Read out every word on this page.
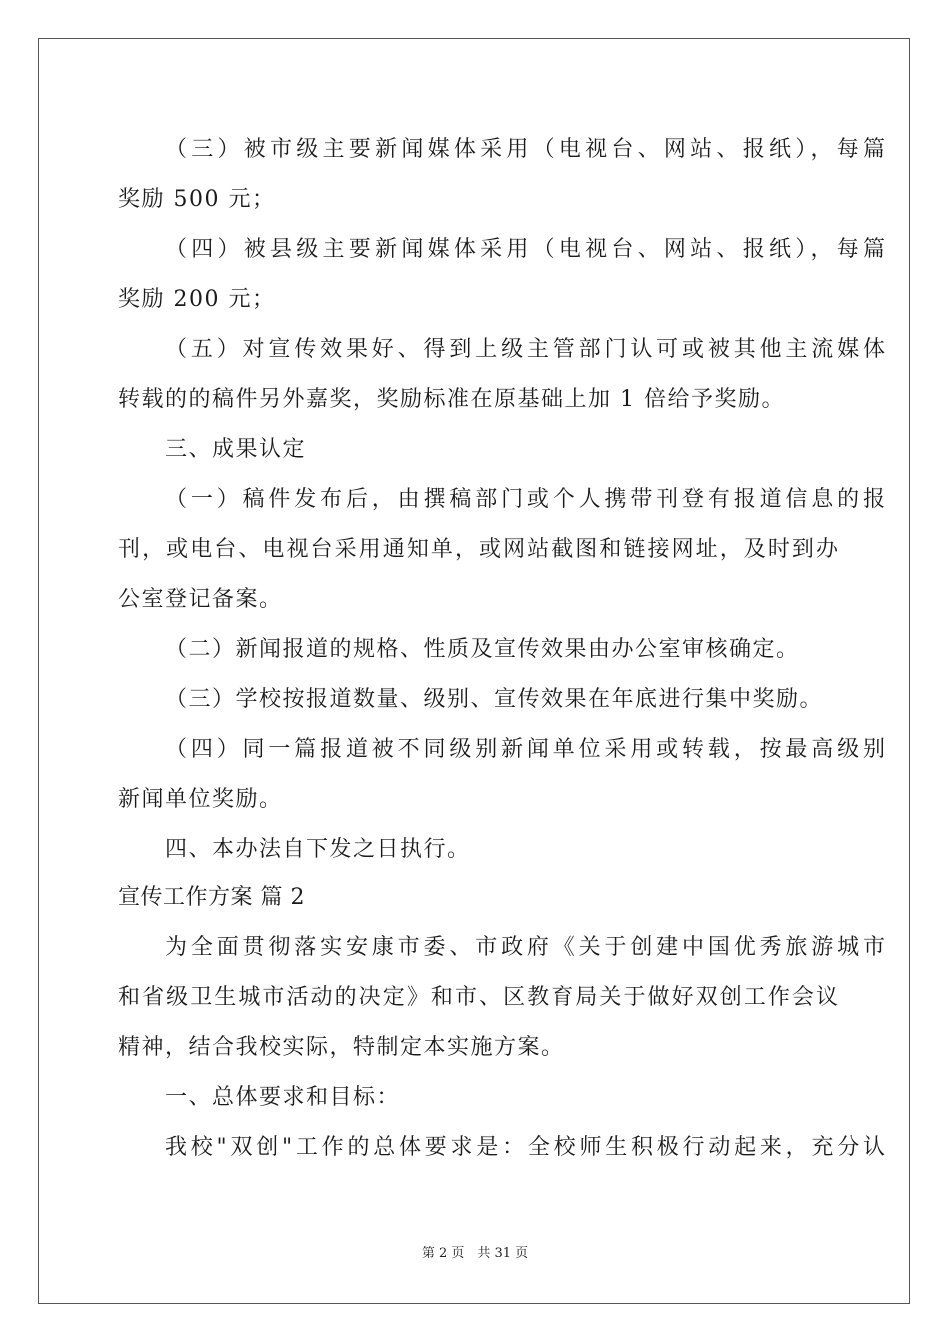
（三）被市级主要新闻媒体采用（电视台、网站、报纸），每篇
奖励 500 元；
（四）被县级主要新闻媒体采用（电视台、网站、报纸），每篇
奖励 200 元；
（五）对宣传效果好、得到上级主管部门认可或被其他主流媒体
转载的的稿件另外嘉奖，奖励标准在原基础上加 1 倍给予奖励。
三、成果认定
（一）稿件发布后，由撰稿部门或个人携带刊登有报道信息的报
刊，或电台、电视台采用通知单，或网站截图和链接网址，及时到办
公室登记备案。
（二）新闻报道的规格、性质及宣传效果由办公室审核确定。
（三）学校按报道数量、级别、宣传效果在年底进行集中奖励。
（四）同一篇报道被不同级别新闻单位采用或转载，按最高级别
新闻单位奖励。
四、本办法自下发之日执行。
宣传工作方案 篇 2
为全面贯彻落实安康市委、市政府《关于创建中国优秀旅游城市
和省级卫生城市活动的决定》和市、区教育局关于做好双创工作会议
精神，结合我校实际，特制定本实施方案。
一、总体要求和目标：
我校"双创"工作的总体要求是：全校师生积极行动起来，充分认
第 2 页　共 31 页
